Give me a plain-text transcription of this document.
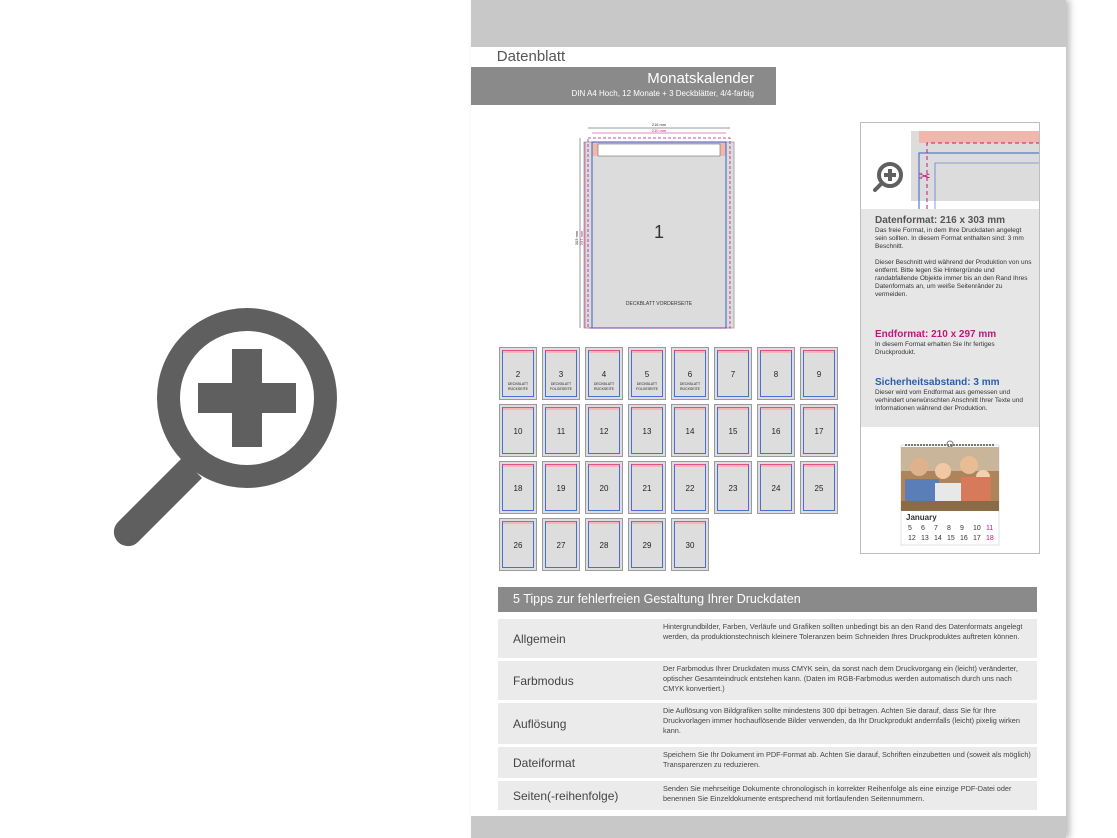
Datenblatt
Monatskalender
DIN A4 Hoch, 12 Monate + 3 Deckblätter, 4/4-farbig
216 mm
210 mm
303 mm 297 mm	1
DECKBLATT VORDERSEITE
2
DECKBLATT RÜCKSEITE
3
DECKBLATT FOLGESEITE
4
DECKBLATT RÜCKSEITE
5
DECKBLATT FOLGESEITE
6
DECKBLATT RÜCKSEITE
7	8	9
10	11	12	13	14	15	16	17
18	19	20	21	22	23	24	25
26	27	28	29	30
✂

Datenformat: 216 x 303 mm

Das freie Format, in dem Ihre Druckdaten angelegt sein sollten. In diesem Format enthalten sind: 3 mm Beschnitt.

Dieser Beschnitt wird während der Produktion von uns entfernt. Bitte legen Sie Hintergründe und randabfallende Objekte immer bis an den Rand Ihres Datenformats an, um weiße Seitenränder zu vermeiden.

Endformat: 210 x 297 mm

In diesem Format erhalten Sie Ihr fertiges Druckprodukt.

Sicherheitsabstand: 3 mm

Dieser wird vom Endformat aus gemessen und verhindert unerwünschten Anschnitt Ihrer Texte und Informationen während der Produktion.

January
5 6 7 8 9 10 11
12 13 14 15 16 17 18
5 Tipps zur fehlerfreien Gestaltung Ihrer Druckdaten
Allgemein
Hintergrundbilder, Farben, Verläufe und Grafiken sollten unbedingt bis an den Rand des Datenformats angelegt werden, da produktionstechnisch kleinere Toleranzen beim Schneiden Ihres Druckproduktes auftreten können.
Farbmodus
Der Farbmodus Ihrer Druckdaten muss CMYK sein, da sonst nach dem Druckvorgang ein (leicht) veränderter, optischer Gesamteindruck entstehen kann. (Daten im RGB-Farbmodus werden automatisch durch uns nach CMYK konvertiert.)
Auflösung
Die Auflösung von Bildgrafiken sollte mindestens 300 dpi betragen. Achten Sie darauf, dass Sie für Ihre Druckvorlagen immer hochauflösende Bilder verwenden, da Ihr Druckprodukt andernfalls (leicht) pixelig wirken kann.
Dateiformat
Speichern Sie Ihr Dokument im PDF-Format ab. Achten Sie darauf, Schriften einzubetten und (soweit als möglich) Transparenzen zu reduzieren.
Seiten(-reihenfolge)
Senden Sie mehrseitige Dokumente chronologisch in korrekter Reihenfolge als eine einzige PDF-Datei oder benennen Sie Einzeldokumente entsprechend mit fortlaufenden Seitennummern.
